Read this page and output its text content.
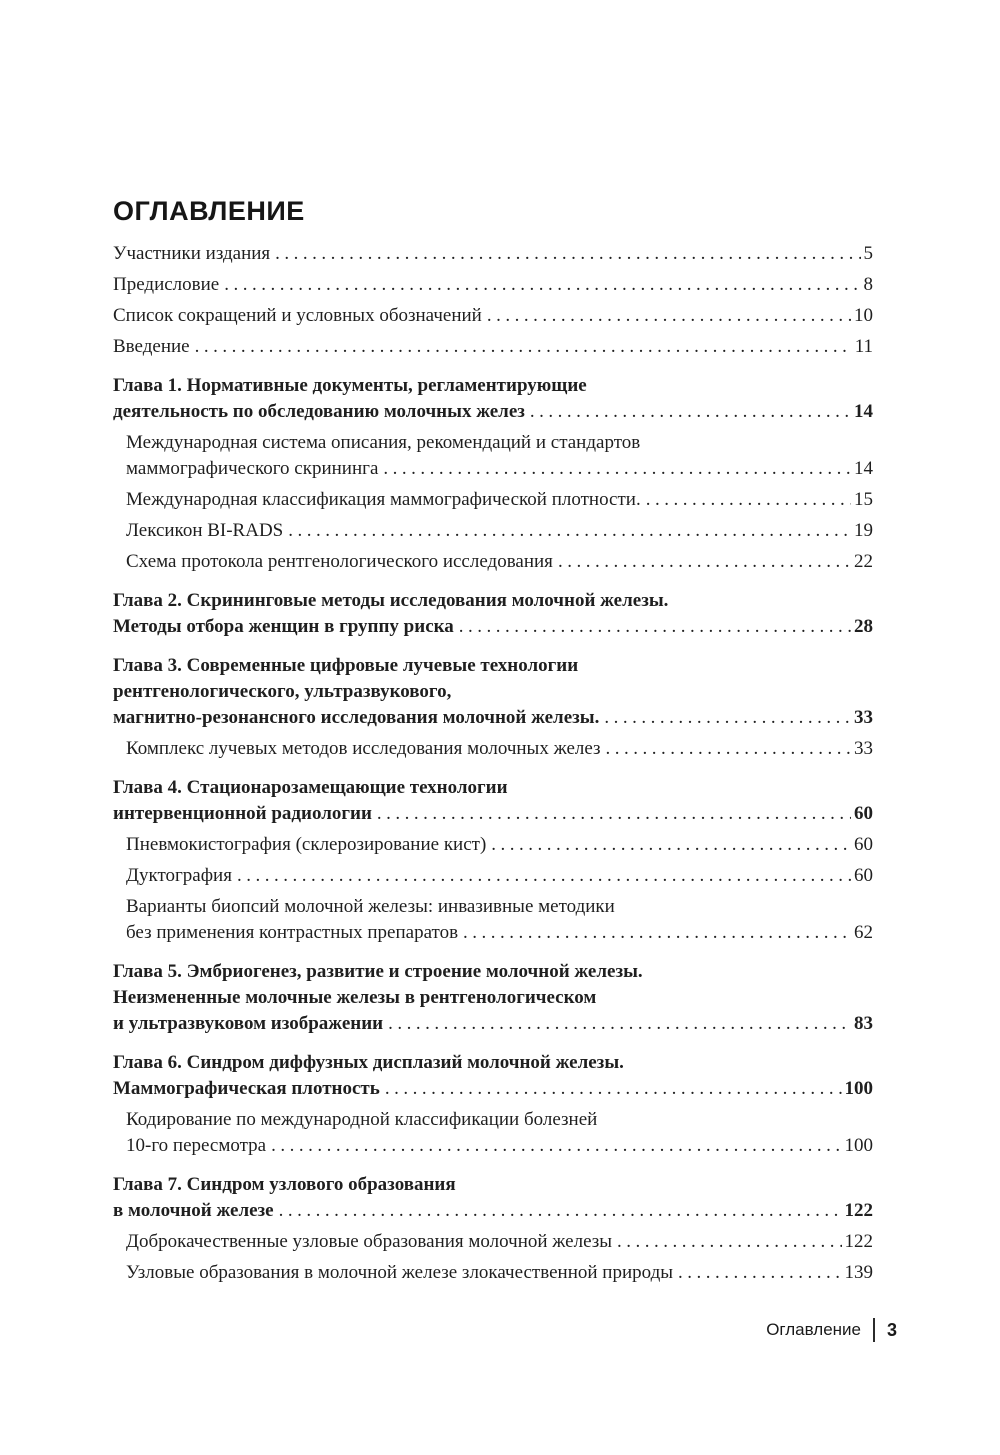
ОГЛАВЛЕНИЕ
Участники издания .....	5
Предисловие .....	8
Список сокращений и условных обозначений .....	10
Введение .....	11
Глава 1. Нормативные документы, регламентирующие
деятельность по обследованию молочных желез .....	14
Международная система описания, рекомендаций и стандартов
маммографического скрининга .....	14
Международная классификация маммографической плотности. .....	15
Лексикон BI-RADS .....	19
Схема протокола рентгенологического исследования .....	22
Глава 2. Скрининговые методы исследования молочной железы.
Методы отбора женщин в группу риска .....	28
Глава 3. Современные цифровые лучевые технологии
рентгенологического, ультразвукового,
магнитно-резонансного исследования молочной железы. .....	33
Комплекс лучевых методов исследования молочных желез .....	33
Глава 4. Стационарозамещающие технологии
интервенционной радиологии .....	60
Пневмокистография (склерозирование кист) .....	60
Дуктография .....	60
Варианты биопсий молочной железы: инвазивные методики
без применения контрастных препаратов .....	62
Глава 5. Эмбриогенез, развитие и строение молочной железы.
Неизмененные молочные железы в рентгенологическом
и ультразвуковом изображении .....	83
Глава 6. Синдром диффузных дисплазий молочной железы.
Маммографическая плотность .....	100
Кодирование по международной классификации болезней
10-го пересмотра .....	100
Глава 7. Синдром узлового образования
в молочной железе .....	122
Доброкачественные узловые образования молочной железы .....	122
Узловые образования в молочной железе злокачественной природы .....	139
Оглавление 3
